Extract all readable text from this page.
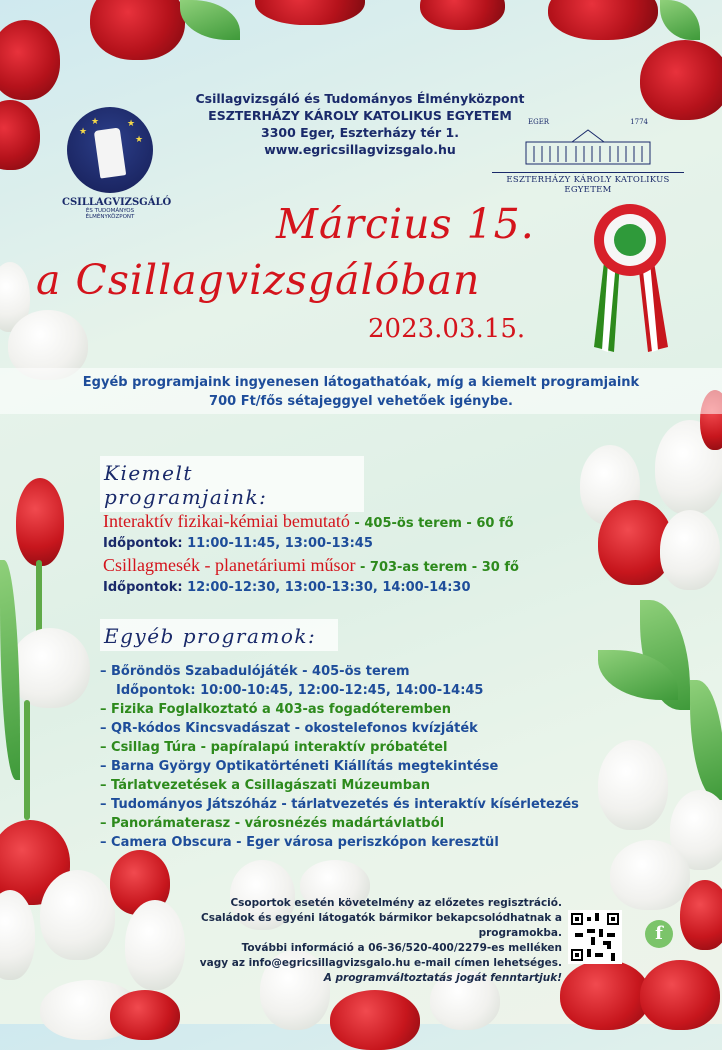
★
★	★
★
CSILLAGVIZSGÁLÓ
ÉS TUDOMÁNYOS ÉLMÉNYKÖZPONT
Csillagvizsgáló és Tudományos Élményközpont
ESZTERHÁZY KÁROLY KATOLIKUS EGYETEM
3300 Eger, Eszterházy tér 1.
www.egricsillagvizsgalo.hu
EGER	1774
ESZTERHÁZY KÁROLY KATOLIKUS EGYETEM
Március 15.
a Csillagvizsgálóban
2023.03.15.
Egyéb programjaink ingyenesen látogathatóak, míg a kiemelt programjaink
700 Ft/fős sétajeggyel vehetőek igénybe.
Kiemelt programjaink:
Interaktív fizikai-kémiai bemutató - 405-ös terem - 60 fő
Időpontok: 11:00-11:45, 13:00-13:45
Csillagmesék - planetáriumi műsor - 703-as terem - 30 fő
Időpontok: 12:00-12:30, 13:00-13:30, 14:00-14:30
Egyéb programok:
– Bőröndös Szabadulójáték - 405-ös terem
Időpontok: 10:00-10:45, 12:00-12:45, 14:00-14:45
– Fizika Foglalkoztató a 403-as fogadóteremben
– QR-kódos Kincsvadászat - okostelefonos kvízjáték
– Csillag Túra - papíralapú interaktív próbatétel
– Barna György Optikatörténeti Kiállítás megtekintése
– Tárlatvezetések a Csillagászati Múzeumban
– Tudományos Játszóház - tárlatvezetés és interaktív kísérletezés
– Panorámaterasz - városnézés madártávlatból
– Camera Obscura - Eger városa periszkópon keresztül
Csoportok esetén követelmény az előzetes regisztráció.
Családok és egyéni látogatók bármikor bekapcsolódhatnak a programokba.
További információ a 06-36/520-400/2279-es melléken
vagy az info@egricsillagvizsgalo.hu e-mail címen lehetséges.
A programváltoztatás jogát fenntartjuk!
f
